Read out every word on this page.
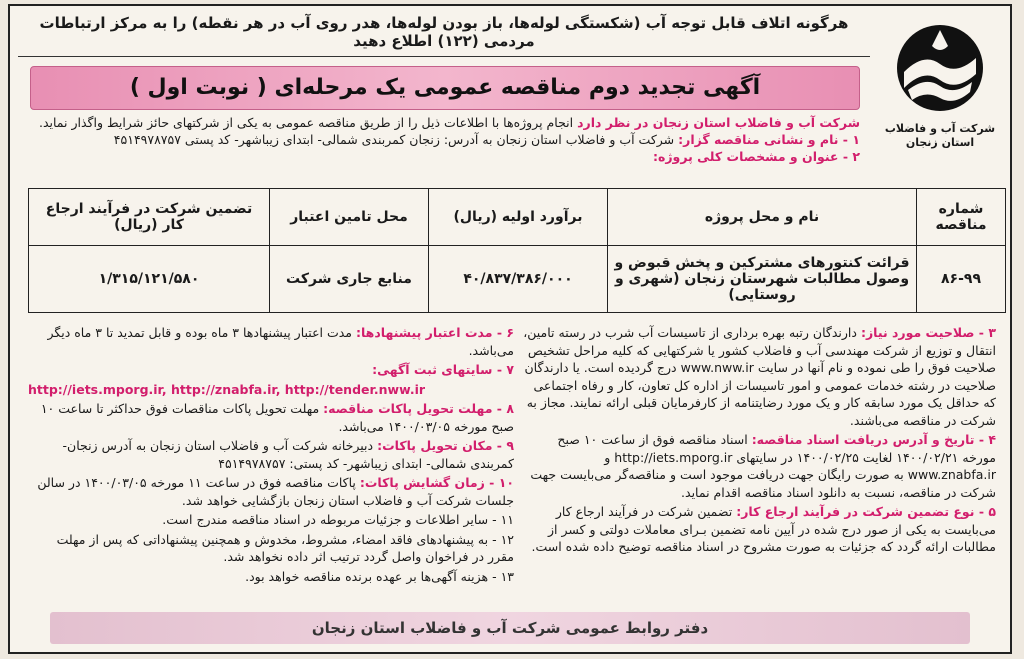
هرگونه اتلاف قابل توجه آب (شکستگی لوله‌ها، باز بودن لوله‌ها، هدر روی آب در هر نقطه) را به مرکز ارتباطات مردمی (۱۲۲) اطلاع دهید
شرکت آب و فاضلاب
استان زنجان
آگهی تجدید دوم مناقصه عمومی یک مرحله‌ای ( نوبت اول )

شرکت آب و فاضلاب استان زنجان در نظر دارد انجام پروژه‌ها با اطلاعات ذیل را از طریق مناقصه عمومی به یکی از شرکتهای حائز شرایط واگذار نماید.

۱ - نام و نشانی مناقصه گزار: شرکت آب و فاضلاب استان زنجان به آدرس: زنجان کمربندی شمالی- ابتدای زیباشهر- کد پستی ۴۵۱۴۹۷۸۷۵۷

۲ - عنوان و مشخصات کلی پروژه:

شماره مناقصه	نام و محل پروژه	برآورد اولیه (ریال)	محل تامین اعتبار	تضمین شرکت در فرآیند ارجاع کار (ریال)
۸۶-۹۹	قرائت کنتورهای مشترکین و پخش قبوض و وصول مطالبات شهرستان زنجان (شهری و روستایی)	۴۰/۸۳۷/۳۸۶/۰۰۰	منابع جاری شرکت	۱/۳۱۵/۱۲۱/۵۸۰

۳ - صلاحیت مورد نیاز: دارندگان رتبه بهره برداری از تاسیسات آب شرب در رسته تامین، انتقال و توزیع از شرکت مهندسی آب و فاضلاب کشور یا شرکتهایی که کلیه مراحل تشخیص صلاحیت فوق را طی نموده و نام آنها در سایت www.nww.ir درج گردیده است. یا دارندگان صلاحیت در رشته خدمات عمومی و امور تاسیسات از اداره کل تعاون، کار و رفاه اجتماعی که حداقل یک مورد سابقه کار و یک مورد رضایتنامه از کارفرمایان قبلی ارائه نمایند. مجاز به شرکت در مناقصه می‌باشند.

۴ - تاریخ و آدرس دریافت اسناد مناقصه: اسناد مناقصه فوق از ساعت ۱۰ صبح مورخه ۱۴۰۰/۰۲/۲۱ لغایت ۱۴۰۰/۰۲/۲۵ در سایتهای http://iets.mporg.ir و www.znabfa.ir به صورت رایگان جهت دریافت موجود است و مناقصه‌گر می‌بایست جهت شرکت در مناقصه، نسبت به دانلود اسناد مناقصه اقدام نماید.

۵ - نوع تضمین شرکت در فرآیند ارجاع کار: تضمین شرکت در فرآیند ارجاع کار می‌بایست به یکی از صور درج شده در آیین نامه تضمین بـرای معاملات دولتی و کسر از مطالبات ارائه گردد که جزئیات به صورت مشروح در اسناد مناقصه توضیح داده شده است.

۶ - مدت اعتبار پیشنهادها: مدت اعتبار پیشنهادها ۳ ماه بوده و قابل تمدید تا ۳ ماه دیگر می‌باشد.

۷ - سایتهای ثبت آگهی:

http://iets.mporg.ir, http://znabfa.ir, http://tender.nww.ir

۸ - مهلت تحویل پاکات مناقصه: مهلت تحویل پاکات مناقصات فوق حداکثر تا ساعت ۱۰ صبح مورخه ۱۴۰۰/۰۳/۰۵ می‌باشد.

۹ - مکان تحویل پاکات: دبیرخانه شرکت آب و فاضلاب استان زنجان به آدرس زنجان- کمربندی شمالی- ابتدای زیباشهر- کد پستی: ۴۵۱۴۹۷۸۷۵۷

۱۰ - زمان گشایش پاکات: پاکات مناقصه فوق در ساعت ۱۱ مورخه ۱۴۰۰/۰۳/۰۵ در سالن جلسات شرکت آب و فاضلاب استان زنجان بازگشایی خواهد شد.

۱۱ - سایر اطلاعات و جزئیات مربوطه در اسناد مناقصه مندرج است.

۱۲ - به پیشنهادهای فاقد امضاء، مشروط، مخدوش و همچنین پیشنهاداتی که پس از مهلت مقرر در فراخوان واصل گردد ترتیب اثر داده نخواهد شد.

۱۳ - هزینه آگهی‌ها بر عهده برنده مناقصه خواهد بود.

دفتر روابط عمومی شرکت آب و فاضلاب استان زنجان
